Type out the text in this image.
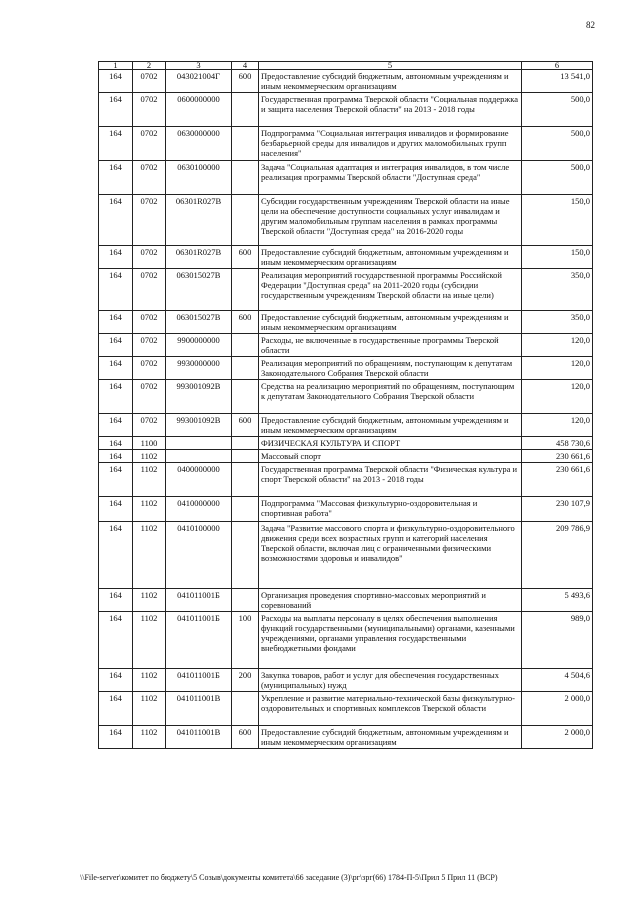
82
1	2	3	4	5	6
164	0702	043021004Г	600	Предоставление субсидий бюджетным, автономным учреждениям и иным некоммерческим организациям	13 541,0
164	0702	0600000000		Государственная программа Тверской области "Социальная поддержка и защита населения Тверской области" на 2013 - 2018 годы	500,0
164	0702	0630000000		Подпрограмма "Социальная интеграция инвалидов и формирование безбарьерной среды для инвалидов и других маломобильных групп населения"	500,0
164	0702	0630100000		Задача "Социальная адаптация и интеграция инвалидов, в том числе реализация программы Тверской области "Доступная среда"	500,0
164	0702	06301R027В		Субсидии государственным учреждениям Тверской области на иные цели на обеспечение доступности социальных услуг инвалидам и другим маломобильным группам населения в рамках программы Тверской области "Доступная среда" на 2016-2020 годы	150,0
164	0702	06301R027В	600	Предоставление субсидий бюджетным, автономным учреждениям и иным некоммерческим организациям	150,0
164	0702	063015027В		Реализация мероприятий государственной программы Российской Федерации "Доступная среда" на 2011-2020 годы (субсидии государственным учреждениям Тверской области на иные цели)	350,0
164	0702	063015027В	600	Предоставление субсидий бюджетным, автономным учреждениям и иным некоммерческим организациям	350,0
164	0702	9900000000		Расходы, не включенные в государственные программы Тверской области	120,0
164	0702	9930000000		Реализация мероприятий по обращениям, поступающим к депутатам Законодательного Собрания Тверской области	120,0
164	0702	993001092В		Средства на реализацию мероприятий по обращениям, поступающим к депутатам Законодательного Собрания Тверской области	120,0
164	0702	993001092В	600	Предоставление субсидий бюджетным, автономным учреждениям и иным некоммерческим организациям	120,0
164	1100			ФИЗИЧЕСКАЯ КУЛЬТУРА И СПОРТ	458 730,6
164	1102			Массовый спорт	230 661,6
164	1102	0400000000		Государственная программа Тверской области "Физическая культура и спорт Тверской области" на 2013 - 2018 годы	230 661,6
164	1102	0410000000		Подпрограмма "Массовая физкультурно-оздоровительная и спортивная работа"	230 107,9
164	1102	0410100000		Задача "Развитие массового спорта и физкультурно-оздоровительного движения среди всех возрастных групп и категорий населения Тверской области, включая лиц с ограниченными физическими возможностями здоровья и инвалидов"	209 786,9
164	1102	041011001Б		Организация проведения спортивно-массовых мероприятий и соревнований	5 493,6
164	1102	041011001Б	100	Расходы на выплаты персоналу в целях обеспечения выполнения функций государственными (муниципальными) органами, казенными учреждениями, органами управления государственными внебюджетными фондами	989,0
164	1102	041011001Б	200	Закупка товаров, работ и услуг для обеспечения государственных (муниципальных) нужд	4 504,6
164	1102	041011001В		Укрепление и развитие материально-технической базы физкультурно-оздоровительных и спортивных комплексов Тверской области	2 000,0
164	1102	041011001В	600	Предоставление субсидий бюджетным, автономным учреждениям и иным некоммерческим организациям	2 000,0
\\File-server\комитет по бюджету\5 Созыв\документы комитета\66 заседание (3)\рг\зрг(66) 1784-П-5\Прил 5 Прил 11 (ВСР)
